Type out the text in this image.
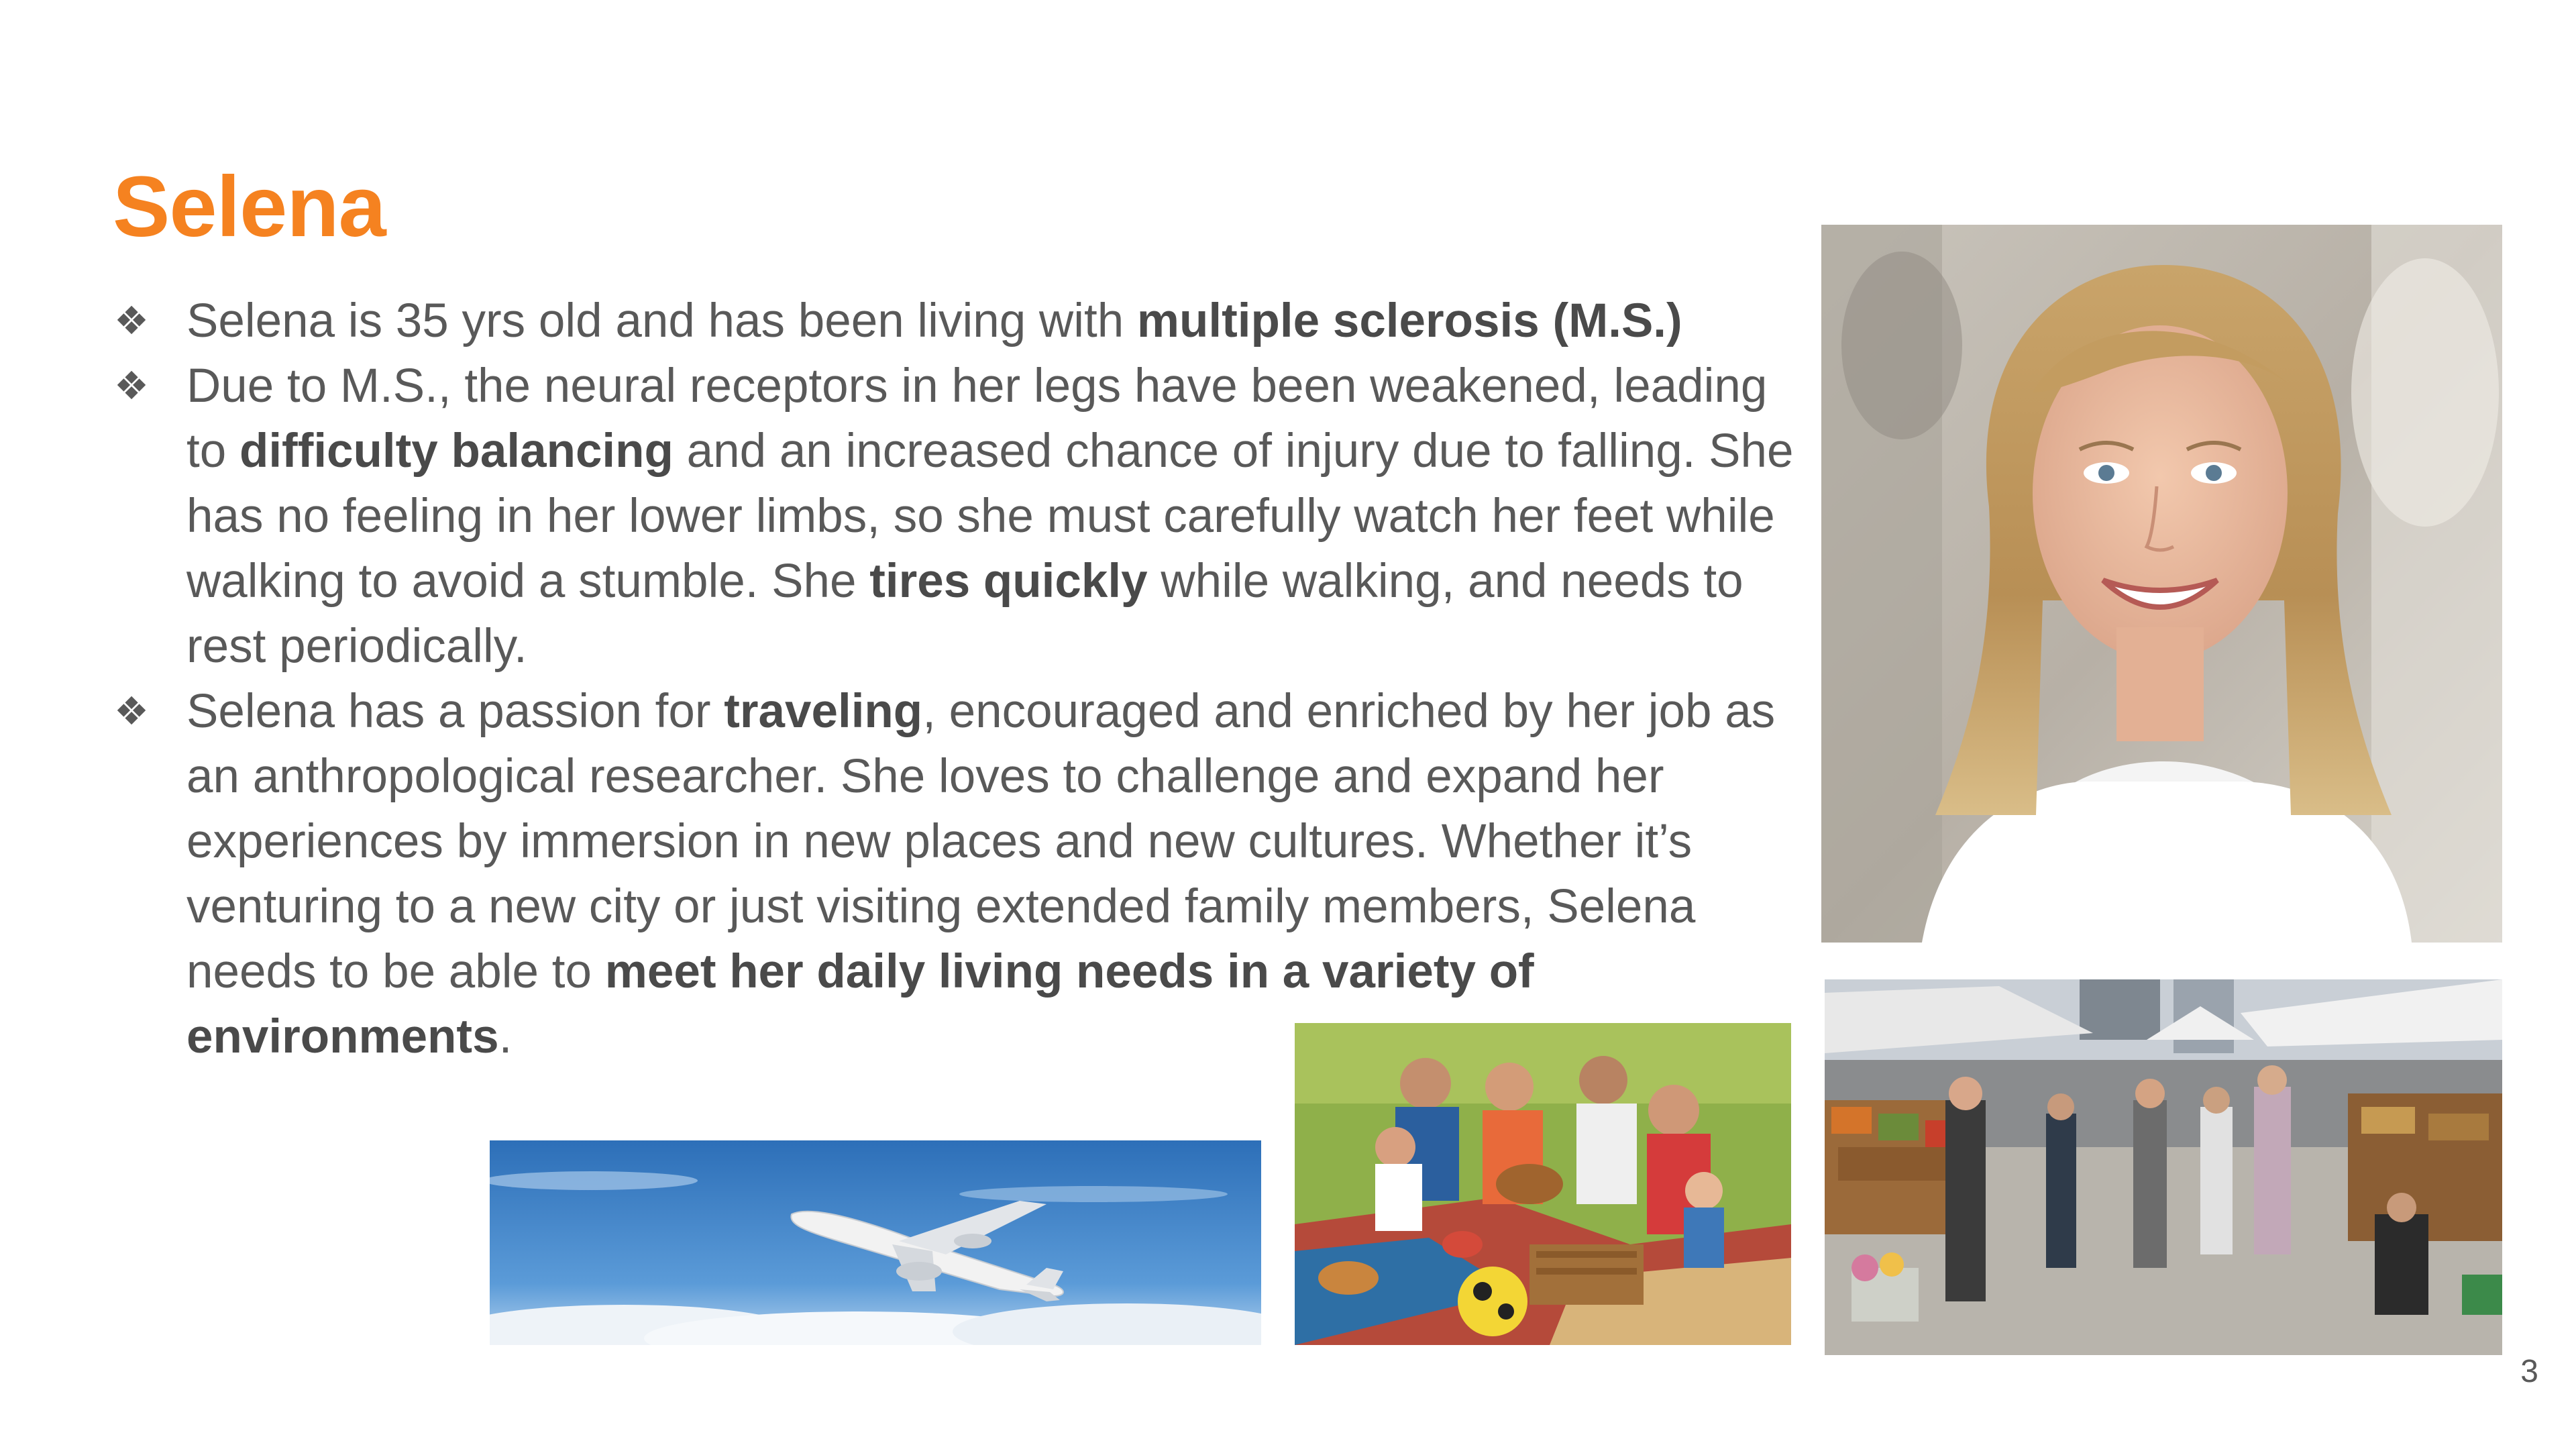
Selena
❖ Selena is 35 yrs old and has been living with multiple sclerosis (M.S.)
❖ Due to M.S., the neural receptors in her legs have been weakened, leading to difficulty balancing and an increased chance of injury due to falling. She has no feeling in her lower limbs, so she must carefully watch her feet while walking to avoid a stumble. She tires quickly while walking, and needs to rest periodically.
❖ Selena has a passion for traveling, encouraged and enriched by her job as an anthropological researcher. She loves to challenge and expand her experiences by immersion in new places and new cultures. Whether it’s venturing to a new city or just visiting extended family members, Selena needs to be able to meet her daily living needs in a variety of environments.
3
